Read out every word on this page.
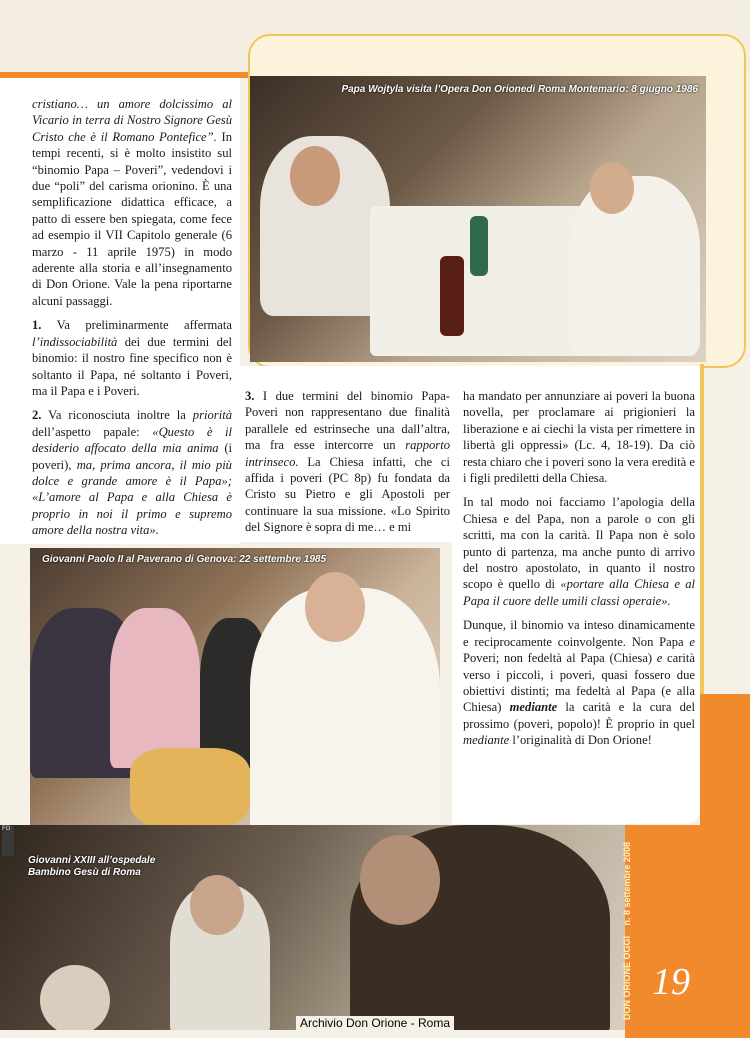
Papa Wojtyla visita l’Opera Don Orionedi Roma Montemario: 8 giugno 1986
Giovanni Paolo II al Paverano di Genova: 22 settembre 1985
Giovanni XXIII all’ospedale
Bambino Gesù di Roma
FO

cristiano… un amore dolcissimo al Vicario in terra di Nostro Signore Gesù Cristo che è il Romano Pontefice”. In tempi recenti, si è molto insistito sul “binomio Papa – Poveri”, vedendovi i due “poli” del carisma orionino. È una semplificazione didattica efficace, a patto di essere ben spiegata, come fece ad esempio il VII Capitolo generale (6 marzo - 11 aprile 1975) in modo aderente alla storia e all’insegnamento di Don Orione. Vale la pena riportarne alcuni passaggi.

1. Va preliminarmente affermata l’indissociabilità dei due termini del binomio: il nostro fine specifico non è soltanto il Papa, né soltanto i Poveri, ma il Papa e i Poveri.

2. Va riconosciuta inoltre la priorità dell’aspetto papale: «Questo è il desiderio affocato della mia anima (i poveri), ma, prima ancora, il mio più dolce e grande amore è il Papa»; «L’amore al Papa e alla Chiesa è proprio in noi il primo e supremo amore della nostra vita».

3. I due termini del binomio Papa-Poveri non rappresentano due finalità parallele ed estrinseche una dall’altra, ma fra esse intercorre un rapporto intrinseco. La Chiesa infatti, che ci affida i poveri (PC 8p) fu fondata da Cristo su Pietro e gli Apostoli per continuare la sua missione. «Lo Spirito del Signore è sopra di me… e mi

ha mandato per annunziare ai poveri la buona novella, per proclamare ai prigionieri la liberazione e ai ciechi la vista per rimettere in libertà gli oppressi» (Lc. 4, 18-19). Da ciò resta chiaro che i poveri sono la vera eredità e i figli prediletti della Chiesa.

In tal modo noi facciamo l’apologia della Chiesa e del Papa, non a parole o con gli scritti, ma con la carità. Il Papa non è solo punto di partenza, ma anche punto di arrivo del nostro apostolato, in quanto il nostro scopo è quello di «portare alla Chiesa e al Papa il cuore delle umili classi operaie».

Dunque, il binomio va inteso dinamicamente e reciprocamente coinvolgente. Non Papa e Poveri; non fedeltà al Papa (Chiesa) e carità verso i piccoli, i poveri, quasi fossero due obiettivi distinti; ma fedeltà al Papa (e alla Chiesa) mediante la carità e la cura del prossimo (poveri, popolo)! È proprio in quel mediante l’originalità di Don Orione!

DON ORIONE OGGI n. 8 settembre 2008
19
Archivio Don Orione - Roma
